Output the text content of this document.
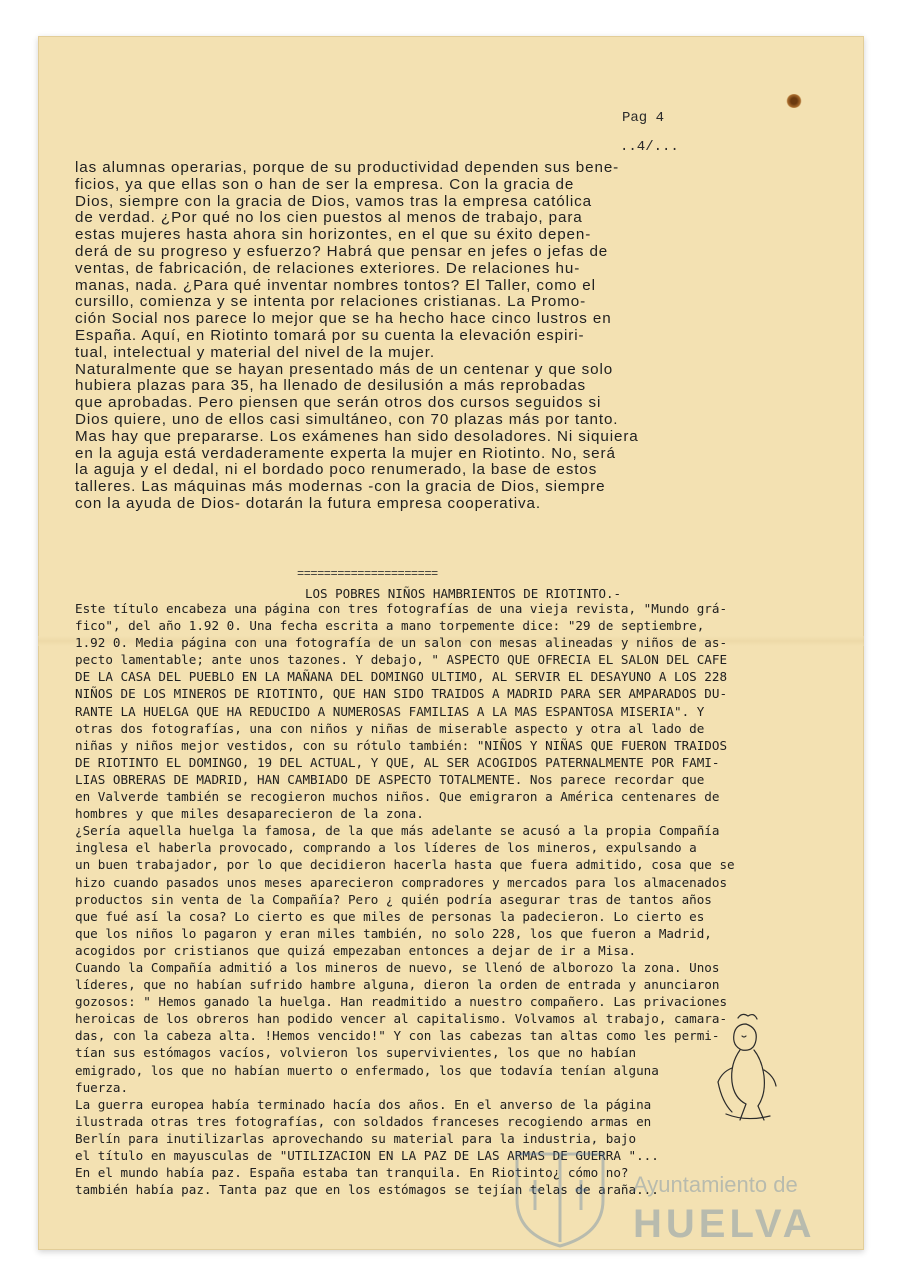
Pag 4
..4/...
las alumnas operarias, porque de su productividad dependen sus bene-
ficios, ya que ellas son o han de ser la empresa. Con la gracia de
Dios, siempre con la gracia de Dios, vamos tras la empresa católica
de verdad. ¿Por qué no los cien puestos al menos de trabajo, para
estas mujeres hasta ahora sin horizontes, en el que su éxito depen-
derá de su progreso y esfuerzo? Habrá que pensar en jefes o jefas de
ventas, de fabricación, de relaciones exteriores. De relaciones hu-
manas, nada. ¿Para qué inventar nombres tontos? El Taller, como el
cursillo, comienza y se intenta por relaciones cristianas. La Promo-
ción Social nos parece lo mejor que se ha hecho hace cinco lustros en
España. Aquí, en Riotinto tomará por su cuenta la elevación espiri-
tual, intelectual y material del nivel de la mujer.
Naturalmente que se hayan presentado más de un centenar y que solo
hubiera plazas para 35, ha llenado de desilusión a más reprobadas
que aprobadas. Pero piensen que serán otros dos cursos seguidos si
Dios quiere, uno de ellos casi simultáneo, con 70 plazas más por tanto.
Mas hay que prepararse. Los exámenes han sido desoladores. Ni siquiera
en la aguja está verdaderamente experta la mujer en Riotinto. No, será
la aguja y el dedal, ni el bordado poco renumerado, la base de estos
talleres. Las máquinas más modernas -con la gracia de Dios, siempre
con la ayuda de Dios- dotarán la futura empresa cooperativa.
=====================
LOS POBRES NIÑOS HAMBRIENTOS DE RIOTINTO.-
Este título encabeza una página con tres fotografías de una vieja revista, "Mundo grá-
fico", del año 1.92 0. Una fecha escrita a mano torpemente dice: "29 de septiembre,
1.92 0. Media página con una fotografía de un salon con mesas alineadas y niños de as-
pecto lamentable; ante unos tazones. Y debajo, " ASPECTO QUE OFRECIA EL SALON DEL CAFE
DE LA CASA DEL PUEBLO EN LA MAÑANA DEL DOMINGO ULTIMO, AL SERVIR EL DESAYUNO A LOS 228
NIÑOS DE LOS MINEROS DE RIOTINTO, QUE HAN SIDO TRAIDOS A MADRID PARA SER AMPARADOS DU-
RANTE LA HUELGA QUE HA REDUCIDO A NUMEROSAS FAMILIAS A LA MAS ESPANTOSA MISERIA". Y
otras dos fotografías, una con niños y niñas de miserable aspecto y otra al lado de
niñas y niños mejor vestidos, con su rótulo también: "NIÑOS Y NIÑAS QUE FUERON TRAIDOS
DE RIOTINTO EL DOMINGO, 19 DEL ACTUAL, Y QUE, AL SER ACOGIDOS PATERNALMENTE POR FAMI-
LIAS OBRERAS DE MADRID, HAN CAMBIADO DE ASPECTO TOTALMENTE. Nos parece recordar que
en Valverde también se recogieron muchos niños. Que emigraron a América centenares de
hombres y que miles desaparecieron de la zona.
¿Sería aquella huelga la famosa, de la que más adelante se acusó a la propia Compañía
inglesa el haberla provocado, comprando a los líderes de los mineros, expulsando a
un buen trabajador, por lo que decidieron hacerla hasta que fuera admitido, cosa que se
hizo cuando pasados unos meses aparecieron compradores y mercados para los almacenados
productos sin venta de la Compañía? Pero ¿ quién podría asegurar tras de tantos años
que fué así la cosa? Lo cierto es que miles de personas la padecieron. Lo cierto es
que los niños lo pagaron y eran miles también, no solo 228, los que fueron a Madrid,
acogidos por cristianos que quizá empezaban entonces a dejar de ir a Misa.
Cuando la Compañía admitió a los mineros de nuevo, se llenó de alborozo la zona. Unos
líderes, que no habían sufrido hambre alguna, dieron la orden de entrada y anunciaron
gozosos: " Hemos ganado la huelga. Han readmitido a nuestro compañero. Las privaciones
heroicas de los obreros han podido vencer al capitalismo. Volvamos al trabajo, camara-
das, con la cabeza alta. !Hemos vencido!" Y con las cabezas tan altas como les permi-
tían sus estómagos vacíos, volvieron los supervivientes, los que no habían
emigrado, los que no habían muerto o enfermado, los que todavía tenían alguna
fuerza.
La guerra europea había terminado hacía dos años. En el anverso de la página
ilustrada otras tres fotografías, con soldados franceses recogiendo armas en
Berlín para inutilizarlas aprovechando su material para la industria, bajo
el título en mayusculas de "UTILIZACION EN LA PAZ DE LAS ARMAS DE GUERRA "...
En el mundo había paz. España estaba tan tranquila. En Riotinto¿ cómo no?
también había paz. Tanta paz que en los estómagos se tejían telas de araña...
Ayuntamiento de
HUELVA
